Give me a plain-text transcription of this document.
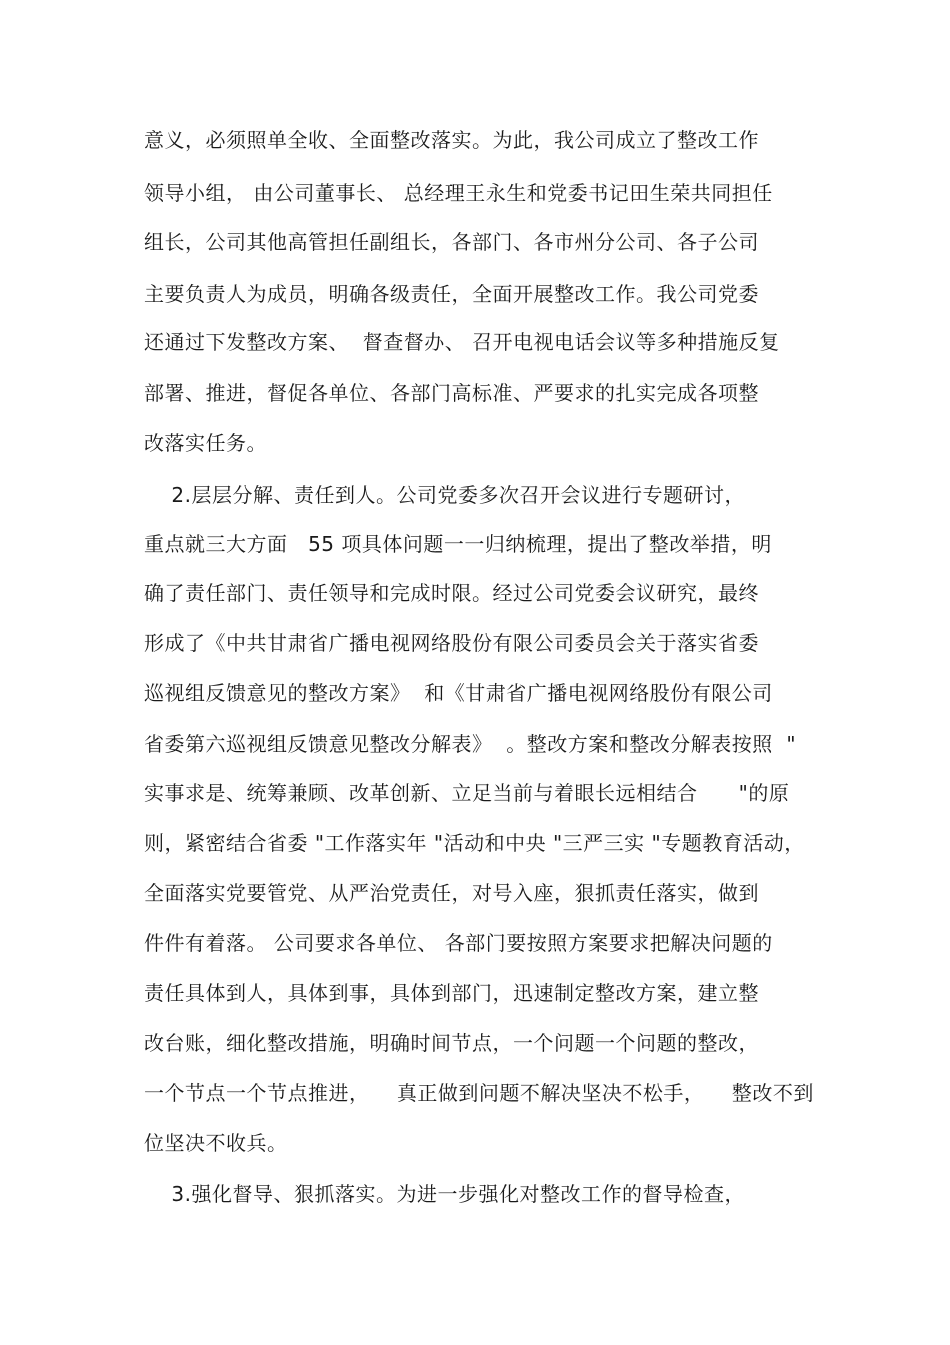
意义，必须照单全收、全面整改落实。为此，我公司成立了整改工作
领导小组， 由公司董事长、 总经理王永生和党委书记田生荣共同担任
组长，公司其他高管担任副组长，各部门、各市州分公司、各子公司
主要负责人为成员，明确各级责任，全面开展整改工作。我公司党委
还通过下发整改方案、  督查督办、 召开电视电话会议等多种措施反复
部署、推进，督促各单位、各部门高标准、严要求的扎实完成各项整
改落实任务。
2.层层分解、责任到人。公司党委多次召开会议进行专题研讨，
重点就三大方面   55 项具体问题一一归纳梳理，提出了整改举措，明
确了责任部门、责任领导和完成时限。经过公司党委会议研究，最终
形成了《中共甘肃省广播电视网络股份有限公司委员会关于落实省委
巡视组反馈意见的整改方案》  和《甘肃省广播电视网络股份有限公司
省委第六巡视组反馈意见整改分解表》  。整改方案和整改分解表按照  "
实事求是、统筹兼顾、改革创新、立足当前与着眼长远相结合      "的原
则，紧密结合省委 "工作落实年 "活动和中央 "三严三实 "专题教育活动，
全面落实党要管党、从严治党责任，对号入座，狠抓责任落实，做到
件件有着落。 公司要求各单位、 各部门要按照方案要求把解决问题的
责任具体到人，具体到事，具体到部门，迅速制定整改方案，建立整
改台账，细化整改措施，明确时间节点，一个问题一个问题的整改，
一个节点一个节点推进，    真正做到问题不解决坚决不松手，    整改不到
位坚决不收兵。
3.强化督导、狠抓落实。为进一步强化对整改工作的督导检查，
